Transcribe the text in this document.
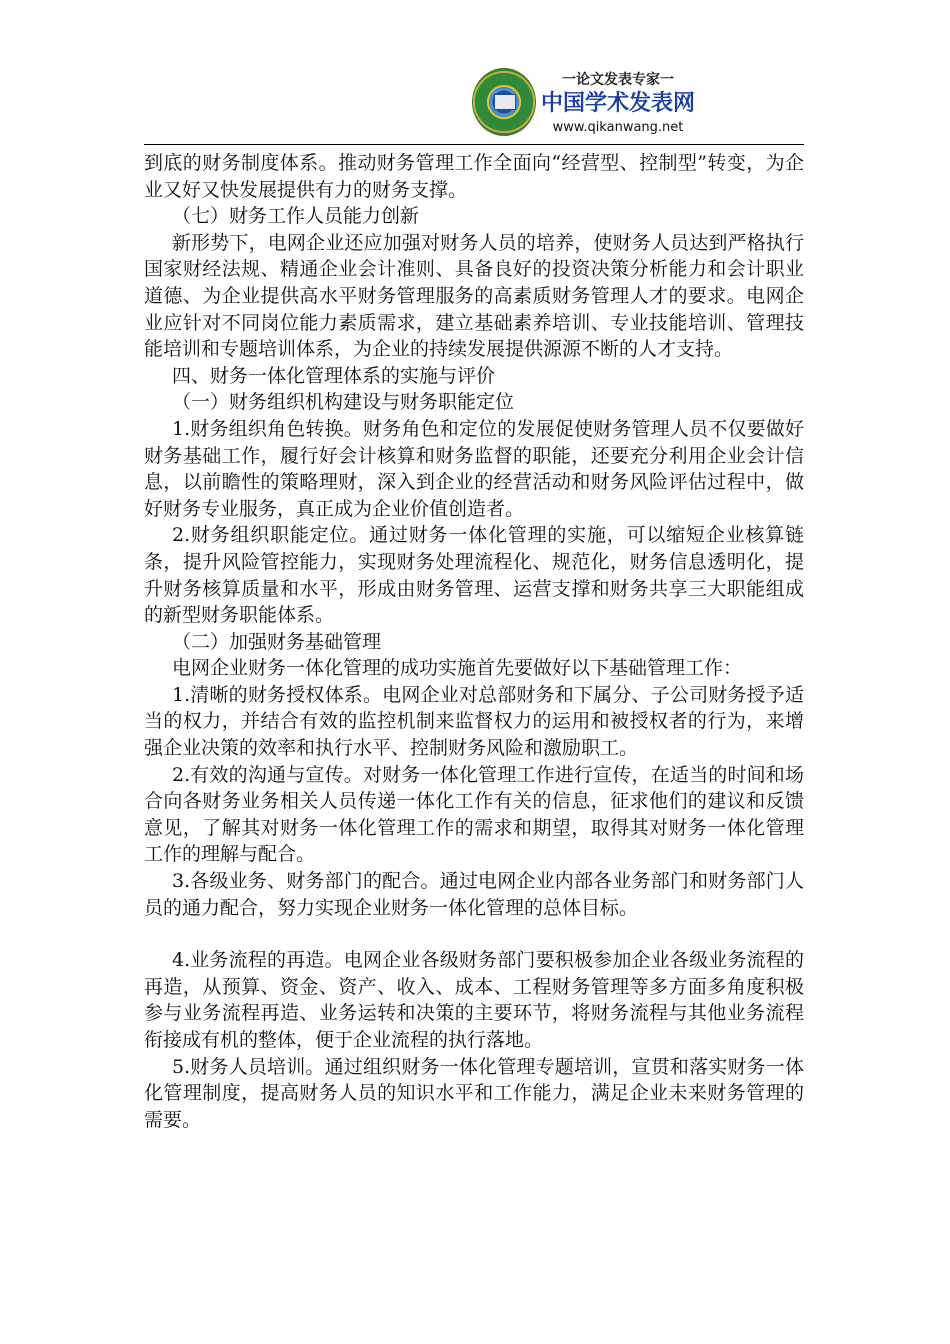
一论文发表专家一
中国学术发表网
www.qikanwang.net

到底的财务制度体系。推动财务管理工作全面向“经营型、控制型”转变，为企业又好又快发展提供有力的财务支撑。

（七）财务工作人员能力创新

新形势下，电网企业还应加强对财务人员的培养，使财务人员达到严格执行国家财经法规、精通企业会计准则、具备良好的投资决策分析能力和会计职业道德、为企业提供高水平财务管理服务的高素质财务管理人才的要求。电网企业应针对不同岗位能力素质需求，建立基础素养培训、专业技能培训、管理技能培训和专题培训体系，为企业的持续发展提供源源不断的人才支持。

四、财务一体化管理体系的实施与评价

（一）财务组织机构建设与财务职能定位

1.财务组织角色转换。财务角色和定位的发展促使财务管理人员不仅要做好财务基础工作，履行好会计核算和财务监督的职能，还要充分利用企业会计信息，以前瞻性的策略理财，深入到企业的经营活动和财务风险评估过程中，做好财务专业服务，真正成为企业价值创造者。

2.财务组织职能定位。通过财务一体化管理的实施，可以缩短企业核算链条，提升风险管控能力，实现财务处理流程化、规范化，财务信息透明化，提升财务核算质量和水平，形成由财务管理、运营支撑和财务共享三大职能组成的新型财务职能体系。

（二）加强财务基础管理

电网企业财务一体化管理的成功实施首先要做好以下基础管理工作：

1.清晰的财务授权体系。电网企业对总部财务和下属分、子公司财务授予适当的权力，并结合有效的监控机制来监督权力的运用和被授权者的行为，来增强企业决策的效率和执行水平、控制财务风险和激励职工。

2.有效的沟通与宣传。对财务一体化管理工作进行宣传，在适当的时间和场合向各财务业务相关人员传递一体化工作有关的信息，征求他们的建议和反馈意见，了解其对财务一体化管理工作的需求和期望，取得其对财务一体化管理工作的理解与配合。

3.各级业务、财务部门的配合。通过电网企业内部各业务部门和财务部门人员的通力配合，努力实现企业财务一体化管理的总体目标。

4.业务流程的再造。电网企业各级财务部门要积极参加企业各级业务流程的再造，从预算、资金、资产、收入、成本、工程财务管理等多方面多角度积极参与业务流程再造、业务运转和决策的主要环节，将财务流程与其他业务流程衔接成有机的整体，便于企业流程的执行落地。

5.财务人员培训。通过组织财务一体化管理专题培训，宣贯和落实财务一体化管理制度，提高财务人员的知识水平和工作能力，满足企业未来财务管理的需要。
